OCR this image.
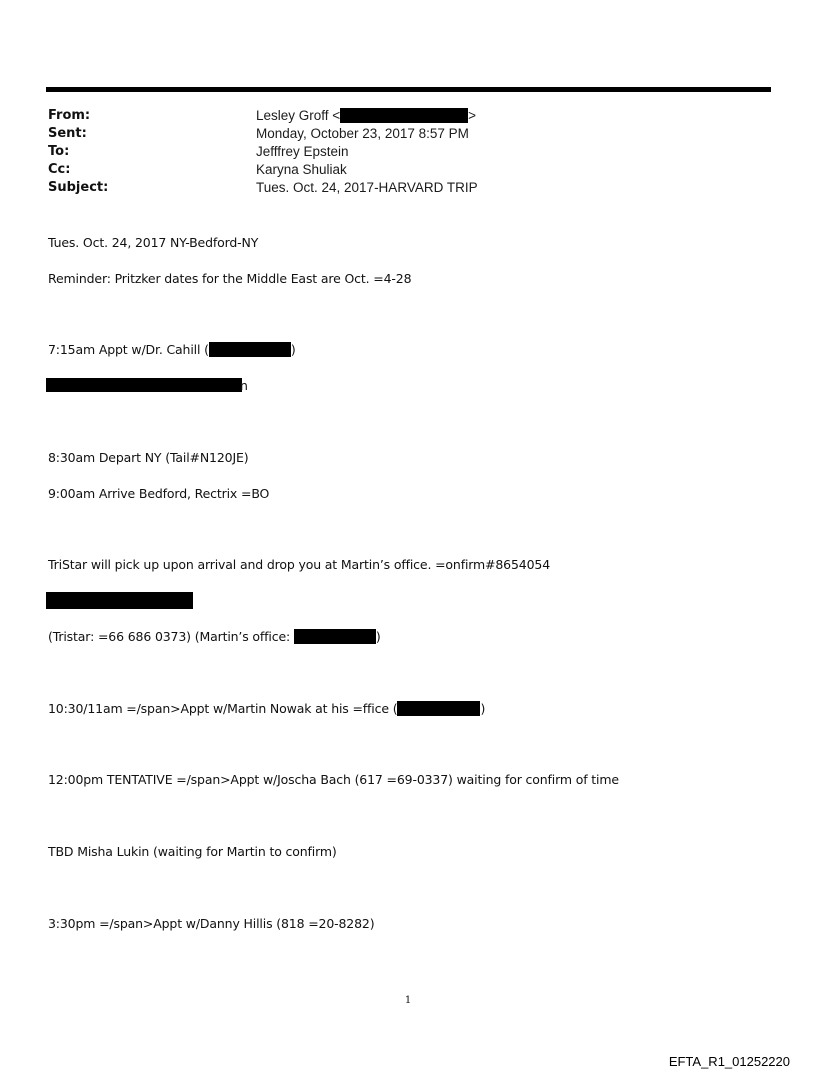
From:	Lesley Groff <	>
Sent:	Monday, October 23, 2017 8:57 PM
To:	Jefffrey Epstein
Cc:	Karyna Shuliak
Subject:	Tues. Oct. 24, 2017-HARVARD TRIP
Tues. Oct. 24, 2017 NY-Bedford-NY
Reminder: Pritzker dates for the Middle East are Oct. =4-28
7:15am Appt w/Dr. Cahill (	)
n
8:30am Depart NY (Tail#N120JE)
9:00am Arrive Bedford, Rectrix =BO
TriStar will pick up upon arrival and drop you at Martin’s office. =onfirm#8654054
(Tristar: =66 686 0373) (Martin’s office:	)
10:30/11am =/span>Appt w/Martin Nowak at his =ffice (	)
12:00pm TENTATIVE =/span>Appt w/Joscha Bach (617 =69-0337) waiting for confirm of time
TBD Misha Lukin (waiting for Martin to confirm)
3:30pm =/span>Appt w/Danny Hillis (818 =20-8282)
1
EFTA_R1_01252220
